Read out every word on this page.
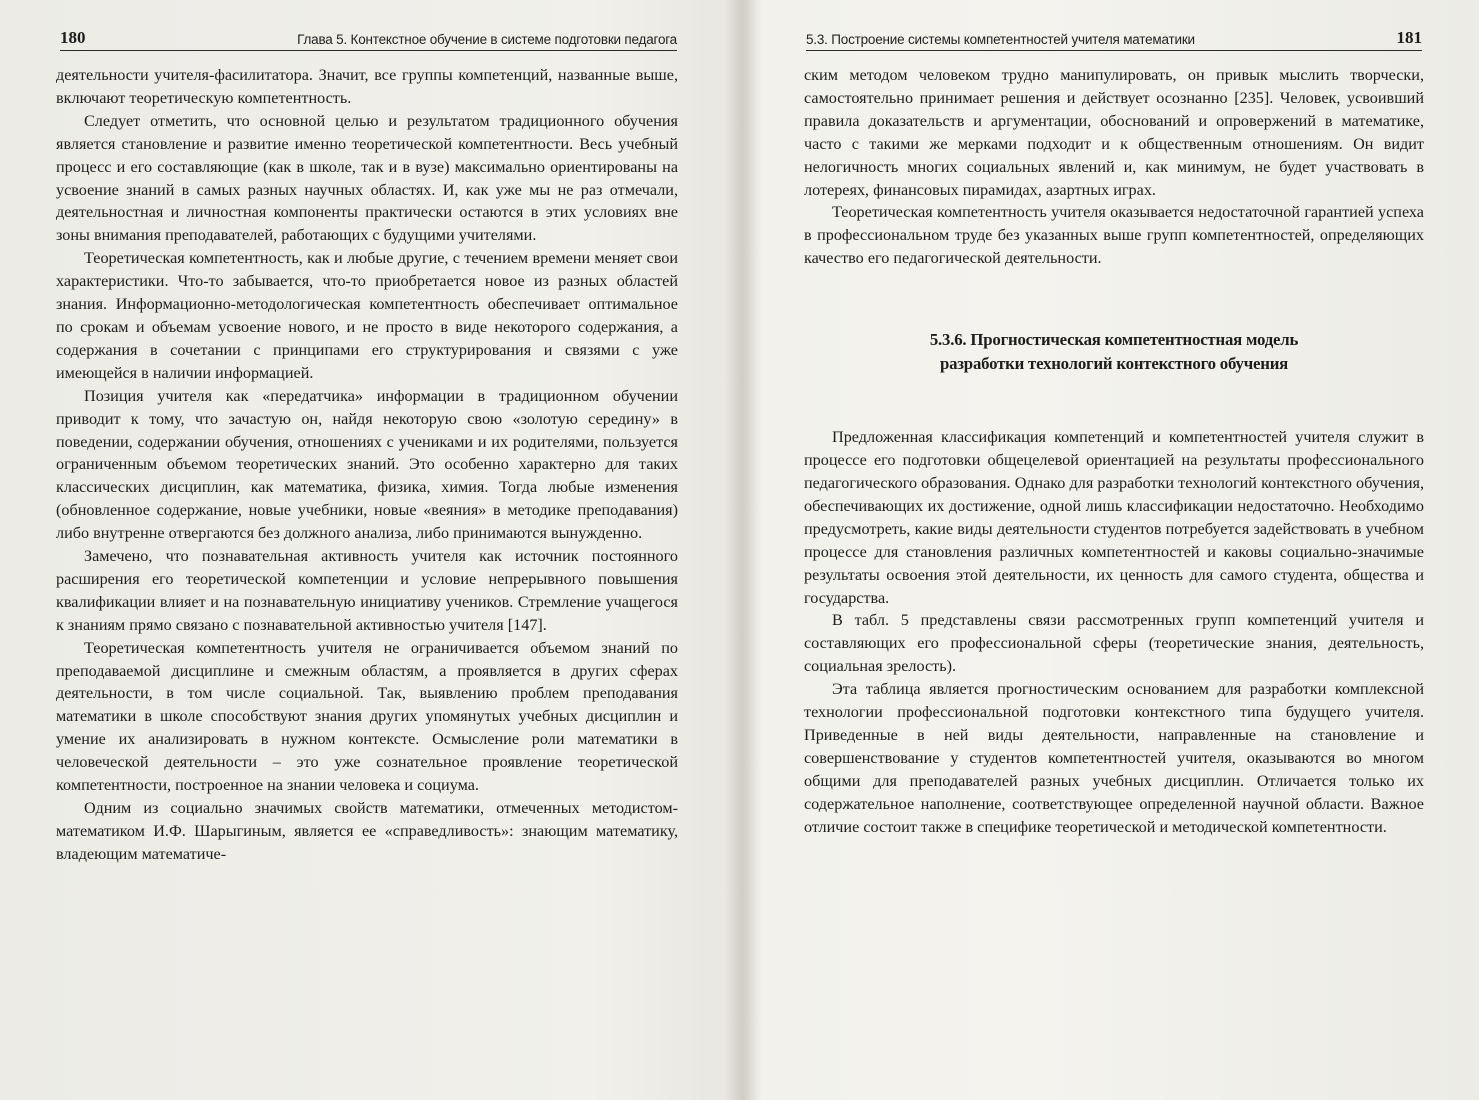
180	Глава 5. Контекстное обучение в системе подготовки педагога

деятельности учителя-фасилитатора. Значит, все группы компетенций, названные выше, включают теоретическую компетентность.

Следует отметить, что основной целью и результатом традиционного обучения является становление и развитие именно теоретической компетентности. Весь учебный процесс и его составляющие (как в школе, так и в вузе) максимально ориентированы на усвоение знаний в самых разных научных областях. И, как уже мы не раз отмечали, деятельностная и личностная компоненты практически остаются в этих условиях вне зоны внимания преподавателей, работающих с будущими учителями.

Теоретическая компетентность, как и любые другие, с течением времени меняет свои характеристики. Что-то забывается, что-то приобретается новое из разных областей знания. Информационно-методологическая компетентность обеспечивает оптимальное по срокам и объемам усвоение нового, и не просто в виде некоторого содержания, а содержания в сочетании с принципами его структурирования и связями с уже имеющейся в наличии информацией.

Позиция учителя как «передатчика» информации в традиционном обучении приводит к тому, что зачастую он, найдя некоторую свою «золотую середину» в поведении, содержании обучения, отношениях с учениками и их родителями, пользуется ограниченным объемом теоретических знаний. Это особенно характерно для таких классических дисциплин, как математика, физика, химия. Тогда любые изменения (обновленное содержание, новые учебники, новые «веяния» в методике преподавания) либо внутренне отвергаются без должного анализа, либо принимаются вынужденно.

Замечено, что познавательная активность учителя как источник постоянного расширения его теоретической компетенции и условие непрерывного повышения квалификации влияет и на познавательную инициативу учеников. Стремление учащегося к знаниям прямо связано с познавательной активностью учителя [147].

Теоретическая компетентность учителя не ограничивается объемом знаний по преподаваемой дисциплине и смежным областям, а проявляется в других сферах деятельности, в том числе социальной. Так, выявлению проблем преподавания математики в школе способствуют знания других упомянутых учебных дисциплин и умение их анализировать в нужном контексте. Осмысление роли математики в человеческой деятельности – это уже сознательное проявление теоретической компетентности, построенное на знании человека и социума.

Одним из социально значимых свойств математики, отмеченных методистом-математиком И.Ф. Шарыгиным, является ее «справедливость»: знающим математику, владеющим математиче-

5.3. Построение системы компетентностей учителя математики	181

ским методом человеком трудно манипулировать, он привык мыслить творчески, самостоятельно принимает решения и действует осознанно [235]. Человек, усвоивший правила доказательств и аргументации, обоснований и опровержений в математике, часто с такими же мерками подходит и к общественным отношениям. Он видит нелогичность многих социальных явлений и, как минимум, не будет участвовать в лотереях, финансовых пирамидах, азартных играх.

Теоретическая компетентность учителя оказывается недостаточной гарантией успеха в профессиональном труде без указанных выше групп компетентностей, определяющих качество его педагогической деятельности.

5.3.6. Прогностическая компетентностная модель
разработки технологий контекстного обучения

Предложенная классификация компетенций и компетентностей учителя служит в процессе его подготовки общецелевой ориентацией на результаты профессионального педагогического образования. Однако для разработки технологий контекстного обучения, обеспечивающих их достижение, одной лишь классификации недостаточно. Необходимо предусмотреть, какие виды деятельности студентов потребуется задействовать в учебном процессе для становления различных компетентностей и каковы социально-значимые результаты освоения этой деятельности, их ценность для самого студента, общества и государства.

В табл. 5 представлены связи рассмотренных групп компетенций учителя и составляющих его профессиональной сферы (теоретические знания, деятельность, социальная зрелость).

Эта таблица является прогностическим основанием для разработки комплексной технологии профессиональной подготовки контекстного типа будущего учителя. Приведенные в ней виды деятельности, направленные на становление и совершенствование у студентов компетентностей учителя, оказываются во многом общими для преподавателей разных учебных дисциплин. Отличается только их содержательное наполнение, соответствующее определенной научной области. Важное отличие состоит также в специфике теоретической и методической компетентности.
